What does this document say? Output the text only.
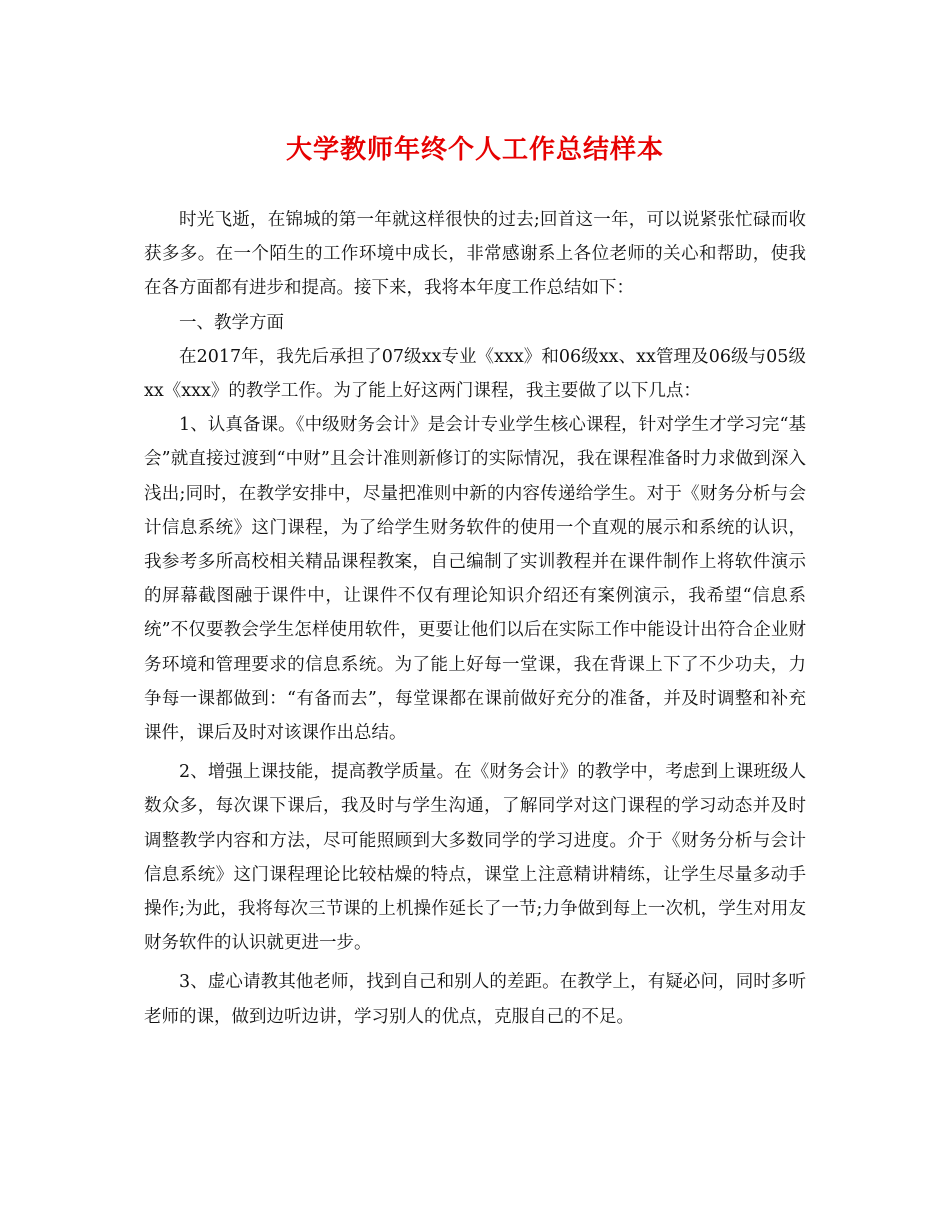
大学教师年终个人工作总结样本

时光飞逝，在锦城的第一年就这样很快的过去;回首这一年，可以说紧张忙碌而收获多多。在一个陌生的工作环境中成长，非常感谢系上各位老师的关心和帮助，使我在各方面都有进步和提高。接下来，我将本年度工作总结如下：

一、教学方面

在2017年，我先后承担了07级xx专业《xxx》和06级xx、xx管理及06级与05级xx《xxx》的教学工作。为了能上好这两门课程，我主要做了以下几点：

1、认真备课。《中级财务会计》是会计专业学生核心课程，针对学生才学习完“基会”就直接过渡到“中财”且会计准则新修订的实际情况，我在课程准备时力求做到深入浅出;同时，在教学安排中，尽量把准则中新的内容传递给学生。对于《财务分析与会计信息系统》这门课程，为了给学生财务软件的使用一个直观的展示和系统的认识，我参考多所高校相关精品课程教案，自己编制了实训教程并在课件制作上将软件演示的屏幕截图融于课件中，让课件不仅有理论知识介绍还有案例演示，我希望“信息系统”不仅要教会学生怎样使用软件，更要让他们以后在实际工作中能设计出符合企业财务环境和管理要求的信息系统。为了能上好每一堂课，我在背课上下了不少功夫，力争每一课都做到：“有备而去”，每堂课都在课前做好充分的准备，并及时调整和补充课件，课后及时对该课作出总结。

2、增强上课技能，提高教学质量。在《财务会计》的教学中，考虑到上课班级人数众多，每次课下课后，我及时与学生沟通，了解同学对这门课程的学习动态并及时调整教学内容和方法，尽可能照顾到大多数同学的学习进度。介于《财务分析与会计信息系统》这门课程理论比较枯燥的特点，课堂上注意精讲精练，让学生尽量多动手操作;为此，我将每次三节课的上机操作延长了一节;力争做到每上一次机，学生对用友财务软件的认识就更进一步。

3、虚心请教其他老师，找到自己和别人的差距。在教学上，有疑必问，同时多听老师的课，做到边听边讲，学习别人的优点，克服自己的不足。
